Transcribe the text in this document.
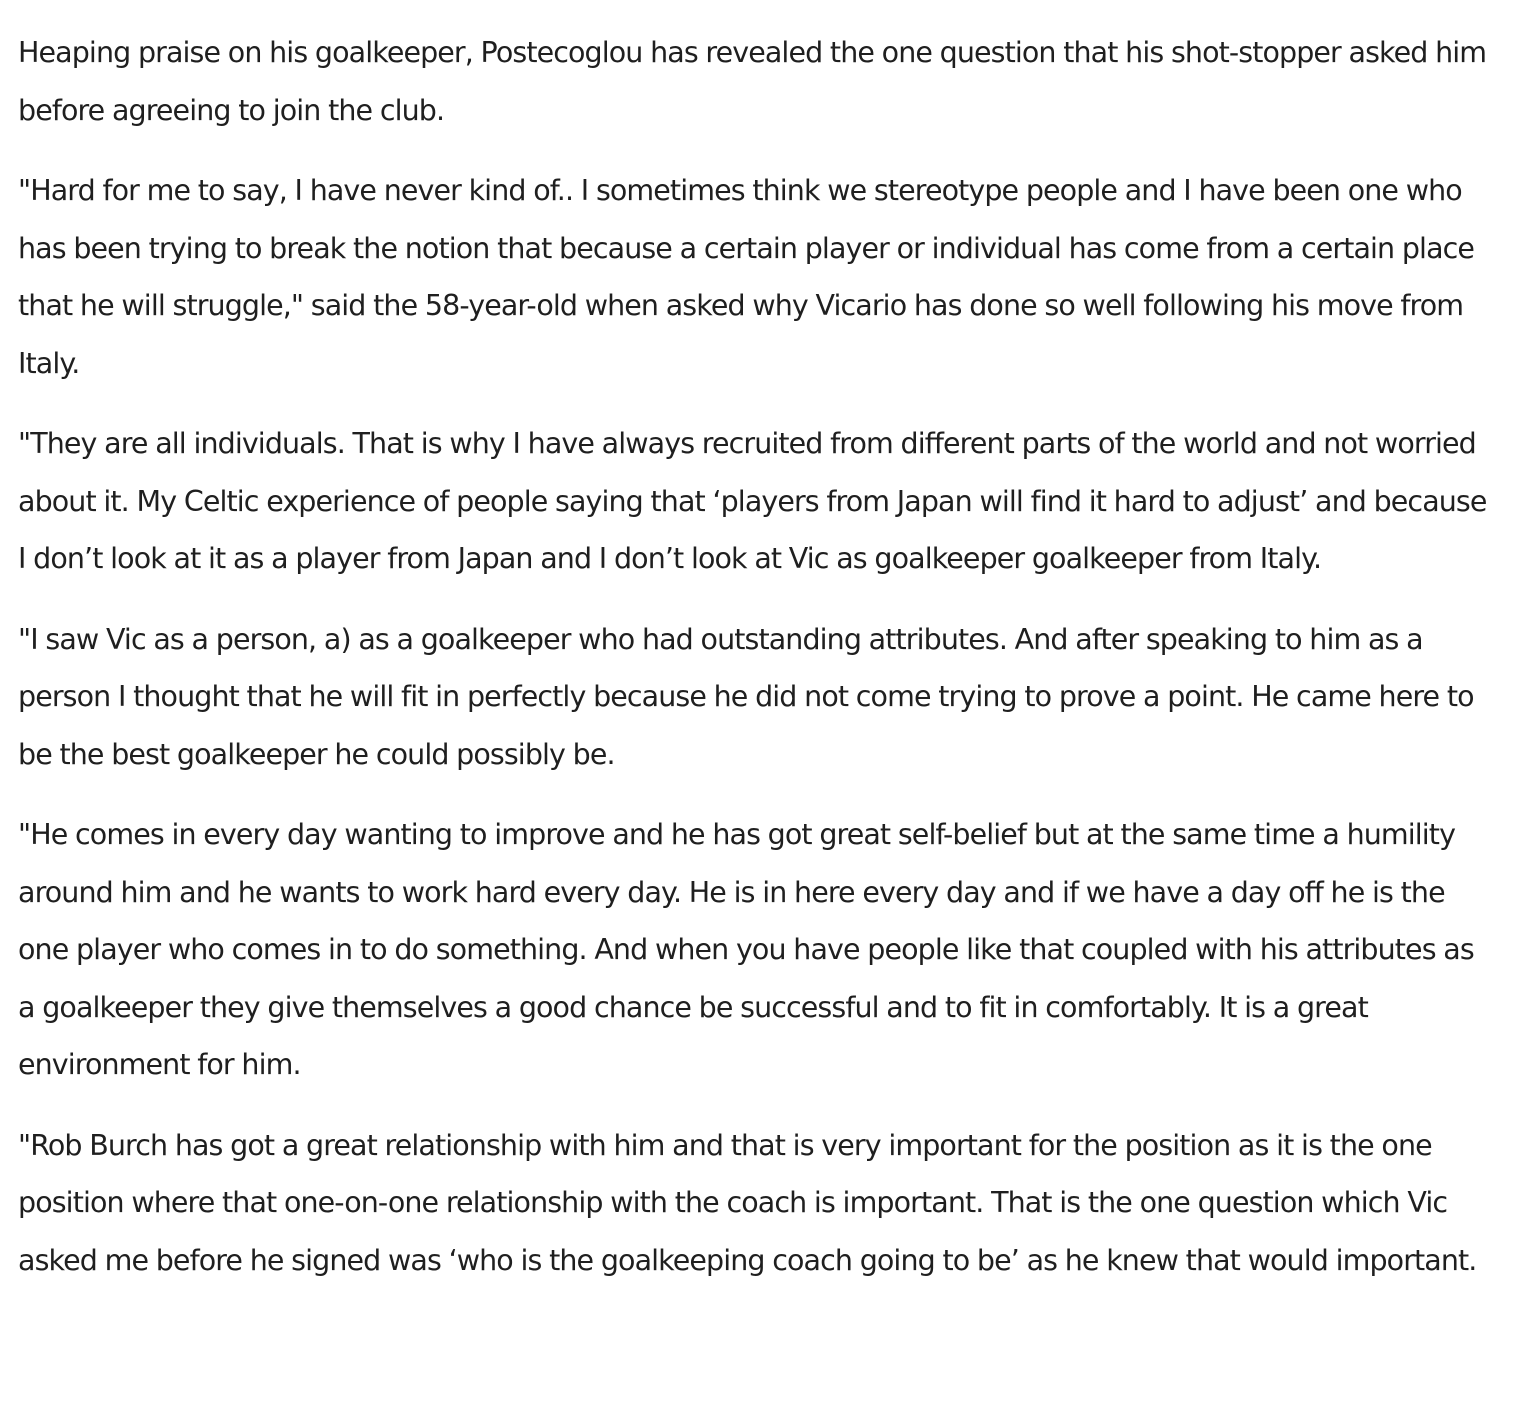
Heaping praise on his goalkeeper, Postecoglou has revealed the one question that his shot-stopper asked him before agreeing to join the club.

"Hard for me to say, I have never kind of.. I sometimes think we stereotype people and I have been one who has been trying to break the notion that because a certain player or individual has come from a certain place that he will struggle," said the 58-year-old when asked why Vicario has done so well following his move from Italy.

"They are all individuals. That is why I have always recruited from different parts of the world and not worried about it. My Celtic experience of people saying that ‘players from Japan will find it hard to adjust’ and because I don’t look at it as a player from Japan and I don’t look at Vic as goalkeeper goalkeeper from Italy.

"I saw Vic as a person, a) as a goalkeeper who had outstanding attributes. And after speaking to him as a person I thought that he will fit in perfectly because he did not come trying to prove a point. He came here to be the best goalkeeper he could possibly be.

"He comes in every day wanting to improve and he has got great self-belief but at the same time a humility around him and he wants to work hard every day. He is in here every day and if we have a day off he is the one player who comes in to do something. And when you have people like that coupled with his attributes as a goalkeeper they give themselves a good chance be successful and to fit in comfortably. It is a great environment for him.

"Rob Burch has got a great relationship with him and that is very important for the position as it is the one position where that one-on-one relationship with the coach is important. That is the one question which Vic asked me before he signed was ‘who is the goalkeeping coach going to be’ as he knew that would important.
